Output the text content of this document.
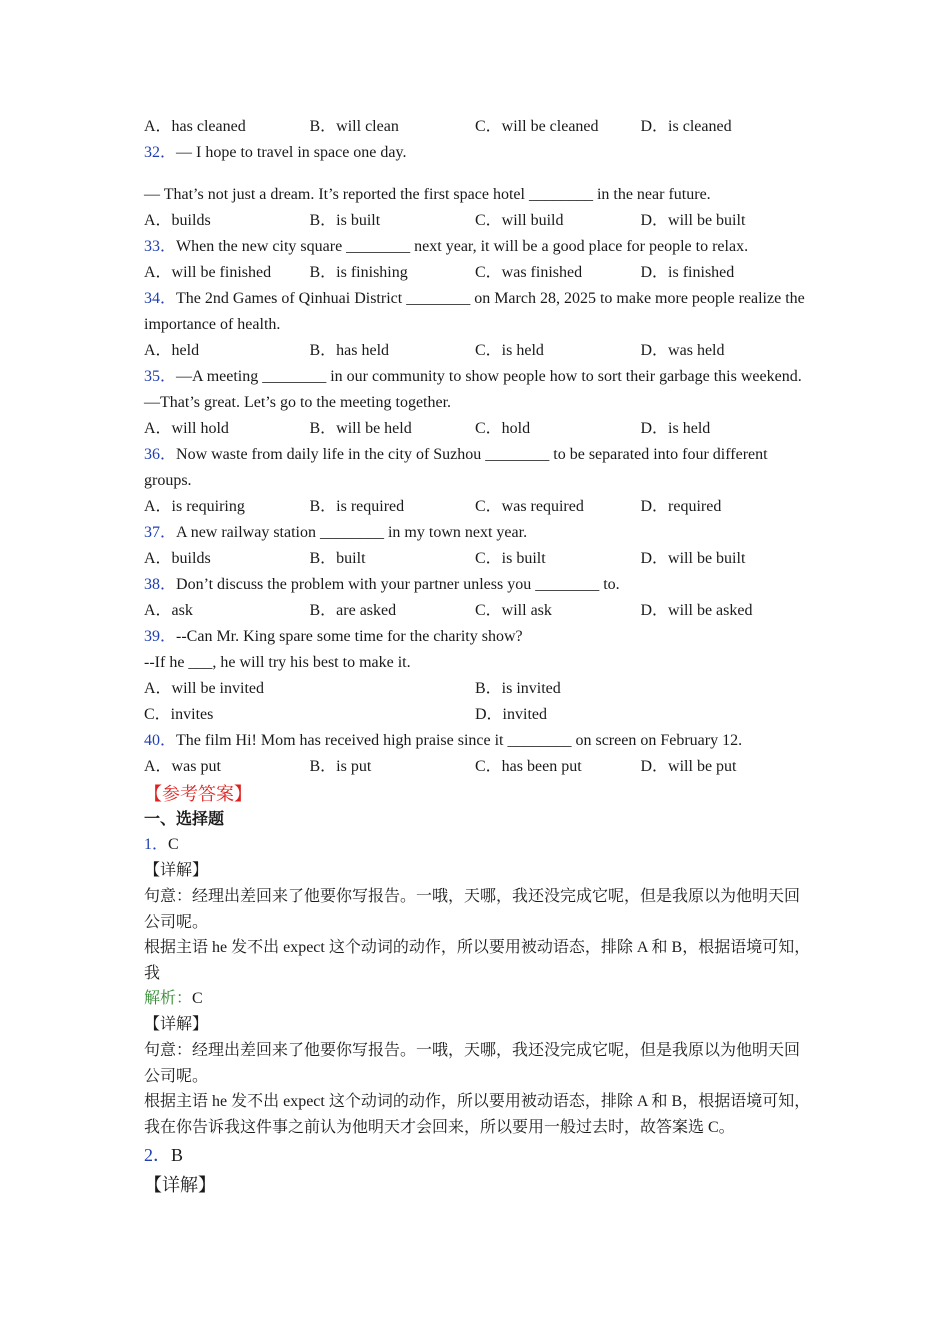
A．has cleaned	B．will clean	C．will be cleaned	D．is cleaned
32．— I hope to travel in space one day.
— That’s not just a dream. It’s reported the first space hotel ________ in the near future.
A．builds	B．is built	C．will build	D．will be built
33．When the new city square ________ next year, it will be a good place for people to relax.
A．will be finished	B．is finishing	C．was finished	D．is finished
34．The 2nd Games of Qinhuai District ________ on March 28, 2025 to make more people realize the importance of health.
A．held	B．has held	C．is held	D．was held
35．—A meeting ________ in our community to show people how to sort their garbage this weekend.
—That’s great. Let’s go to the meeting together.
A．will hold	B．will be held	C．hold	D．is held
36．Now waste from daily life in the city of Suzhou ________ to be separated into four different groups.
A．is requiring	B．is required	C．was required	D．required
37．A new railway station ________ in my town next year.
A．builds	B．built	C．is built	D．will be built
38．Don’t discuss the problem with your partner unless you ________ to.
A．ask	B．are asked	C．will ask	D．will be asked
39．--Can Mr. King spare some time for the charity show?
--If he ___, he will try his best to make it.
A．will be invited	B．is invited
C．invites	D．invited
40．The film Hi! Mom has received high praise since it ________ on screen on February 12.
A．was put	B．is put	C．has been put	D．will be put
【参考答案】
一、选择题
1．C
【详解】
句意：经理出差回来了他要你写报告。一哦，天哪，我还没完成它呢，但是我原以为他明天回公司呢。
根据主语 he 发不出 expect 这个动词的动作，所以要用被动语态，排除 A 和 B，根据语境可知，我
解析：C
【详解】
句意：经理出差回来了他要你写报告。一哦，天哪，我还没完成它呢，但是我原以为他明天回公司呢。
根据主语 he 发不出 expect 这个动词的动作，所以要用被动语态，排除 A 和 B，根据语境可知，我在你告诉我这件事之前认为他明天才会回来，所以要用一般过去时，故答案选 C。
2．B
【详解】
